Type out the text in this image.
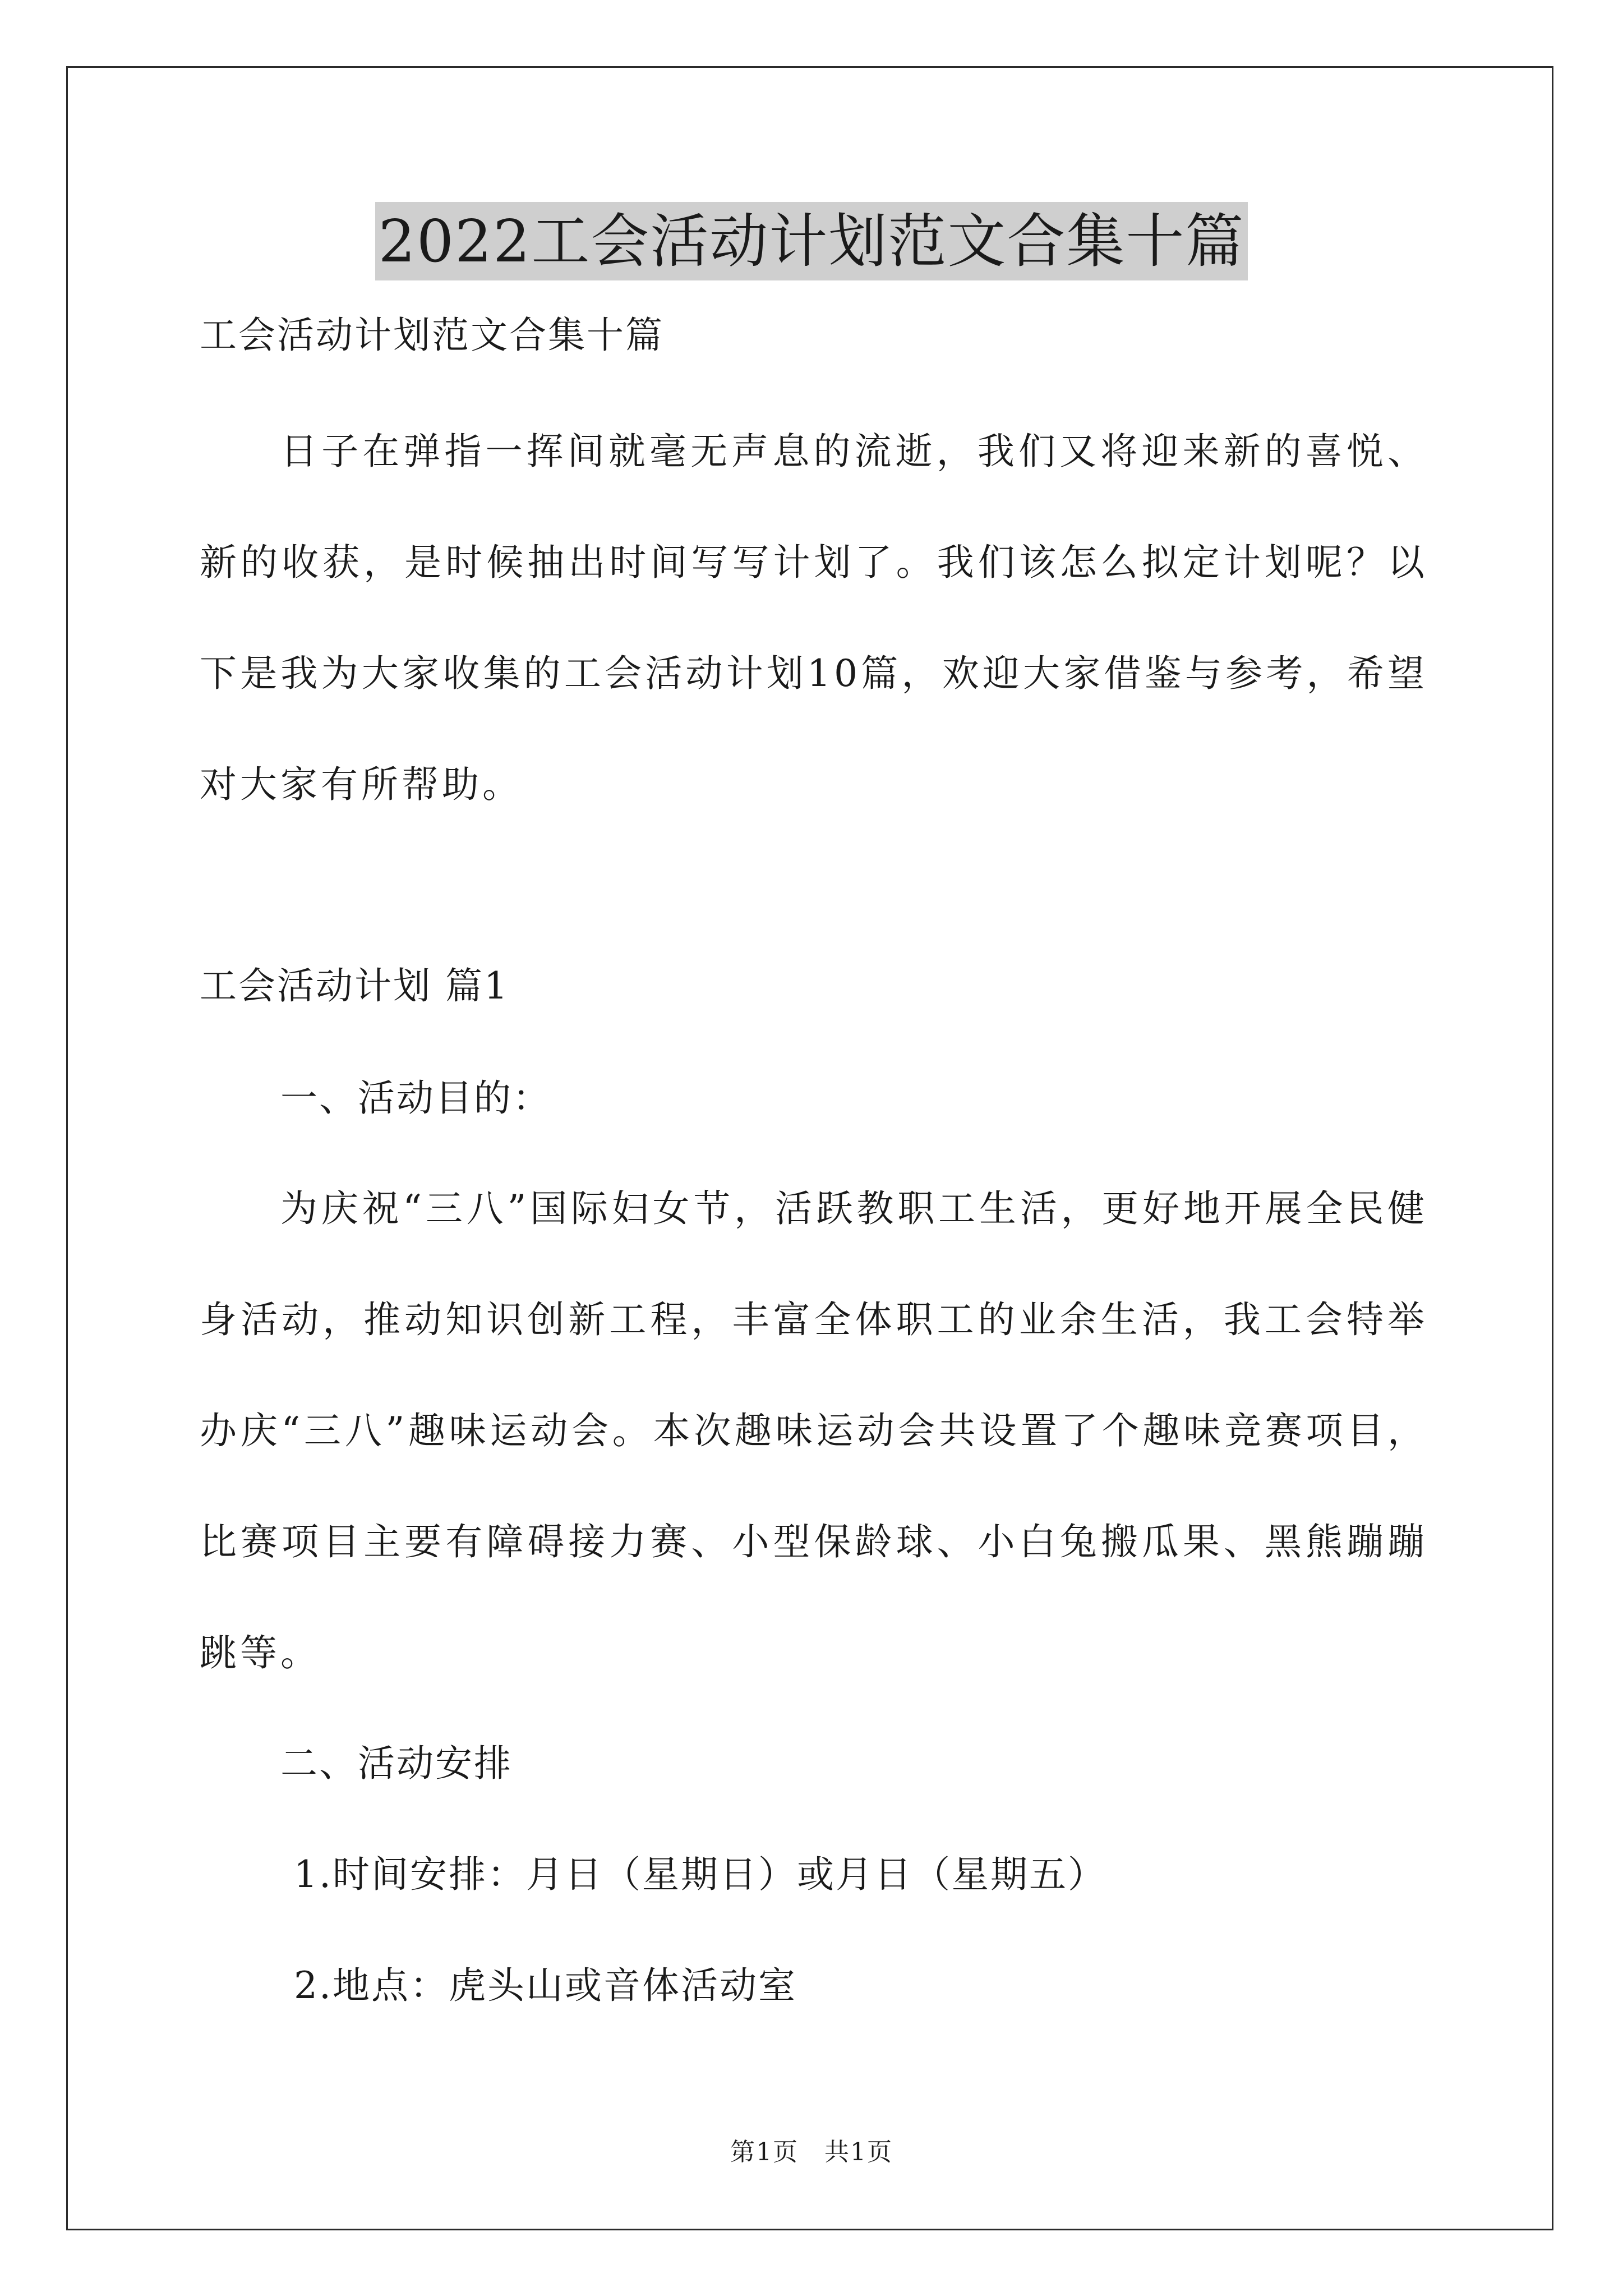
2022工会活动计划范文合集十篇
工会活动计划范文合集十篇

日子在弹指一挥间就毫无声息的流逝，我们又将迎来新的喜悦、新的收获，是时候抽出时间写写计划了。我们该怎么拟定计划呢？以下是我为大家收集的工会活动计划10篇，欢迎大家借鉴与参考，希望对大家有所帮助。

工会活动计划 篇1
一、活动目的：

为庆祝“三八”国际妇女节，活跃教职工生活，更好地开展全民健身活动，推动知识创新工程，丰富全体职工的业余生活，我工会特举办庆“三八”趣味运动会。本次趣味运动会共设置了个趣味竞赛项目，比赛项目主要有障碍接力赛、小型保龄球、小白兔搬瓜果、黑熊蹦蹦跳等。

二、活动安排
1.时间安排：月日（星期日）或月日（星期五）
2.地点：虎头山或音体活动室
第1页　共1页
